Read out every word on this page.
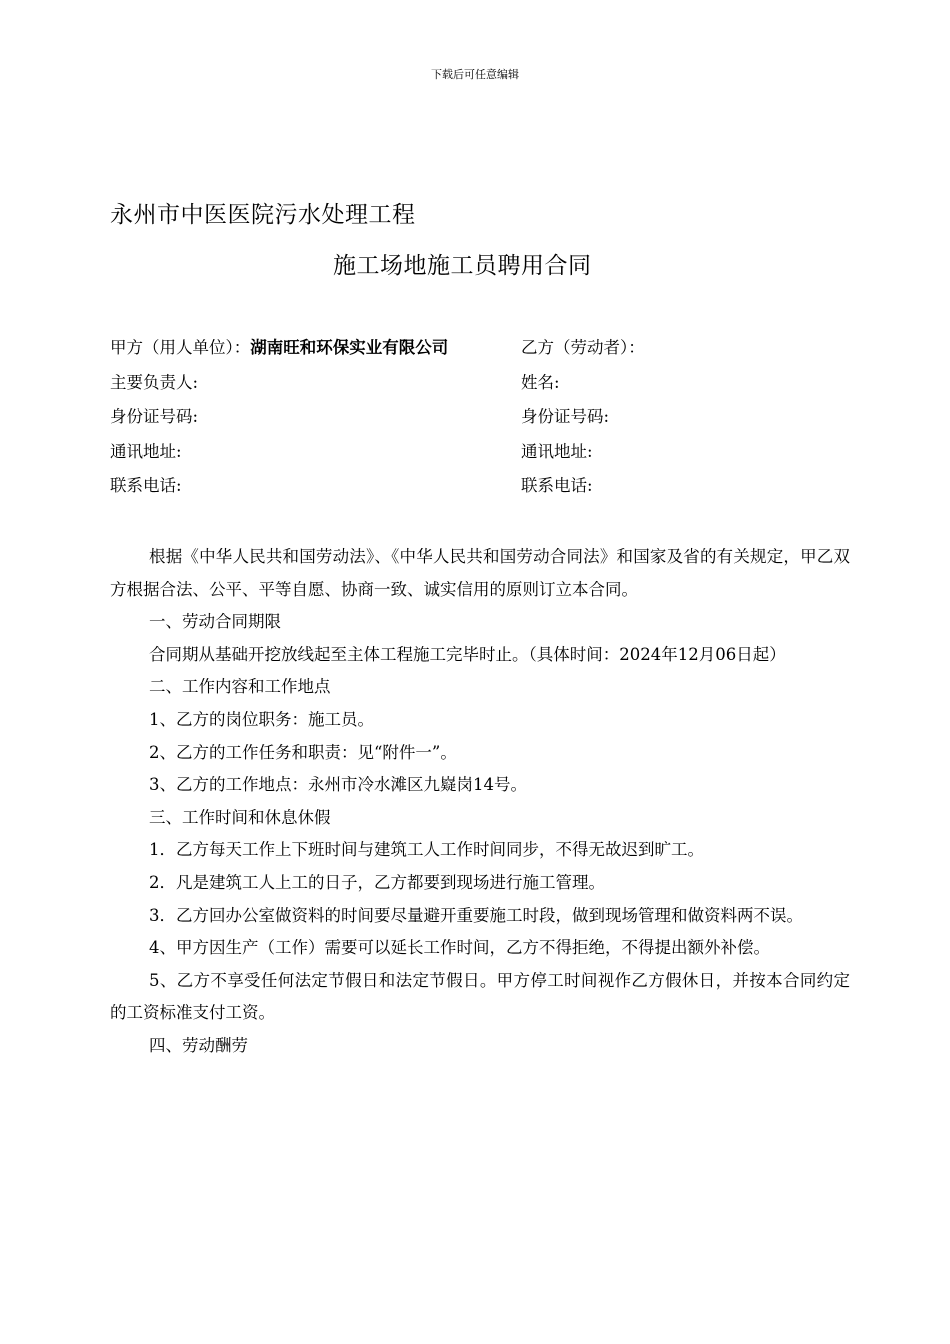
下载后可任意编辑
永州市中医医院污水处理工程
施工场地施工员聘用合同
甲方（用人单位）：湖南旺和环保实业有限公司	乙方（劳动者）：
主要负责人:	姓名:
身份证号码:	身份证号码:
通讯地址:	通讯地址:
联系电话:	联系电话:

根据《中华人民共和国劳动法》、《中华人民共和国劳动合同法》和国家及省的有关规定，甲乙双方根据合法、公平、平等自愿、协商一致、诚实信用的原则订立本合同。

一、劳动合同期限

合同期从基础开挖放线起至主体工程施工完毕时止。（具体时间：2024年12月06日起）

二、工作内容和工作地点

1、乙方的岗位职务：施工员。

2、乙方的工作任务和职责：见“附件一”。

3、乙方的工作地点：永州市冷水滩区九嶷岗14号。

三、工作时间和休息休假

1．乙方每天工作上下班时间与建筑工人工作时间同步，不得无故迟到旷工。

2．凡是建筑工人上工的日子，乙方都要到现场进行施工管理。

3．乙方回办公室做资料的时间要尽量避开重要施工时段，做到现场管理和做资料两不误。

4、甲方因生产（工作）需要可以延长工作时间，乙方不得拒绝，不得提出额外补偿。

5、乙方不享受任何法定节假日和法定节假日。甲方停工时间视作乙方假休日，并按本合同约定的工资标准支付工资。

四、劳动酬劳
